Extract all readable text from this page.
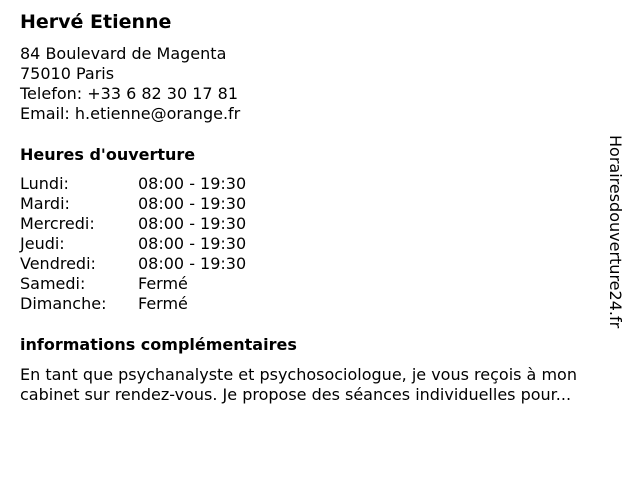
Hervé Etienne
84 Boulevard de Magenta
75010 Paris
Telefon: +33 6 82 30 17 81
Email: h.etienne@orange.fr
Heures d'ouverture
Lundi:	08:00 - 19:30
Mardi:	08:00 - 19:30
Mercredi:	08:00 - 19:30
Jeudi:	08:00 - 19:30
Vendredi:	08:00 - 19:30
Samedi:	Fermé
Dimanche:	Fermé
informations complémentaires

En tant que psychanalyste et psychosociologue, je vous reçois à mon cabinet sur rendez-vous. Je propose des séances individuelles pour...

Horairesdouverture24.fr
